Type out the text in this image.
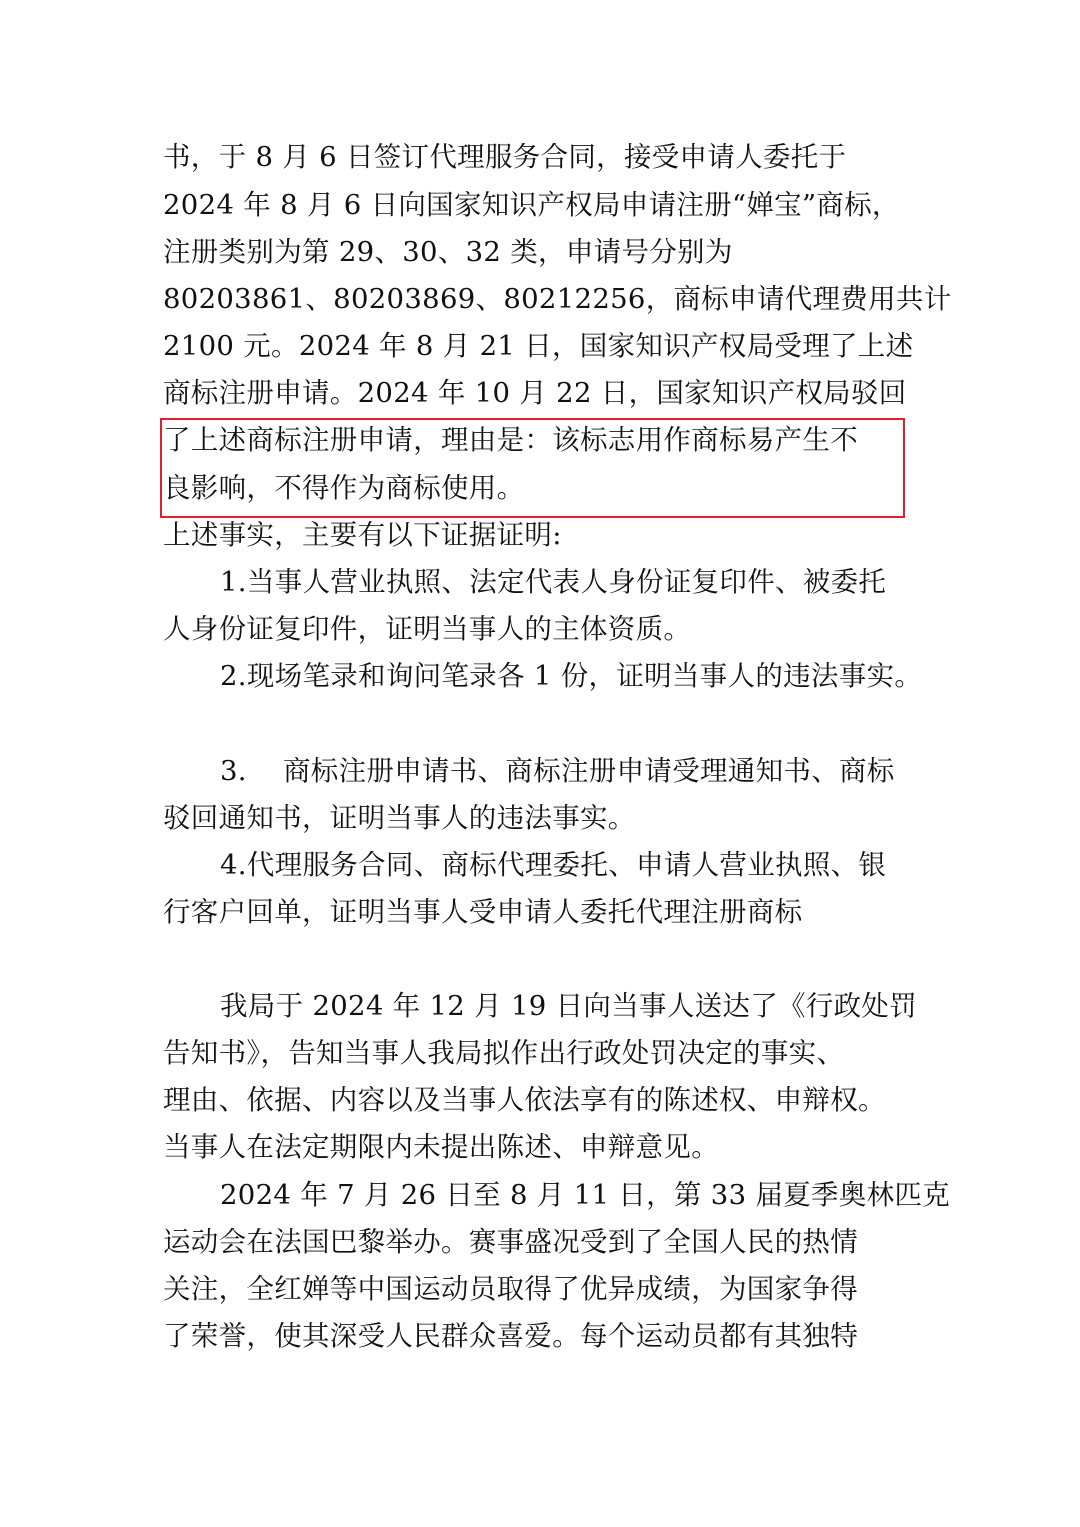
书，于 8 月 6 日签订代理服务合同，接受申请人委托于
2024 年 8 月 6 日向国家知识产权局申请注册“婵宝”商标，
注册类别为第 29、30、32 类，申请号分别为
80203861、80203869、80212256，商标申请代理费用共计
2100 元。2024 年 8 月 21 日，国家知识产权局受理了上述
商标注册申请。2024 年 10 月 22 日，国家知识产权局驳回
了上述商标注册申请，理由是：该标志用作商标易产生不
良影响，不得作为商标使用。
上述事实，主要有以下证据证明:
1.当事人营业执照、法定代表人身份证复印件、被委托
人身份证复印件，证明当事人的主体资质。
2.现场笔录和询问笔录各 1 份，证明当事人的违法事实。
3.    商标注册申请书、商标注册申请受理通知书、商标
驳回通知书，证明当事人的违法事实。
4.代理服务合同、商标代理委托、申请人营业执照、银
行客户回单，证明当事人受申请人委托代理注册商标
我局于 2024 年 12 月 19 日向当事人送达了《行政处罚
告知书》，告知当事人我局拟作出行政处罚决定的事实、
理由、依据、内容以及当事人依法享有的陈述权、申辩权。
当事人在法定期限内未提出陈述、申辩意见。
2024 年 7 月 26 日至 8 月 11 日，第 33 届夏季奥林匹克
运动会在法国巴黎举办。赛事盛况受到了全国人民的热情
关注，全红婵等中国运动员取得了优异成绩，为国家争得
了荣誉，使其深受人民群众喜爱。每个运动员都有其独特
